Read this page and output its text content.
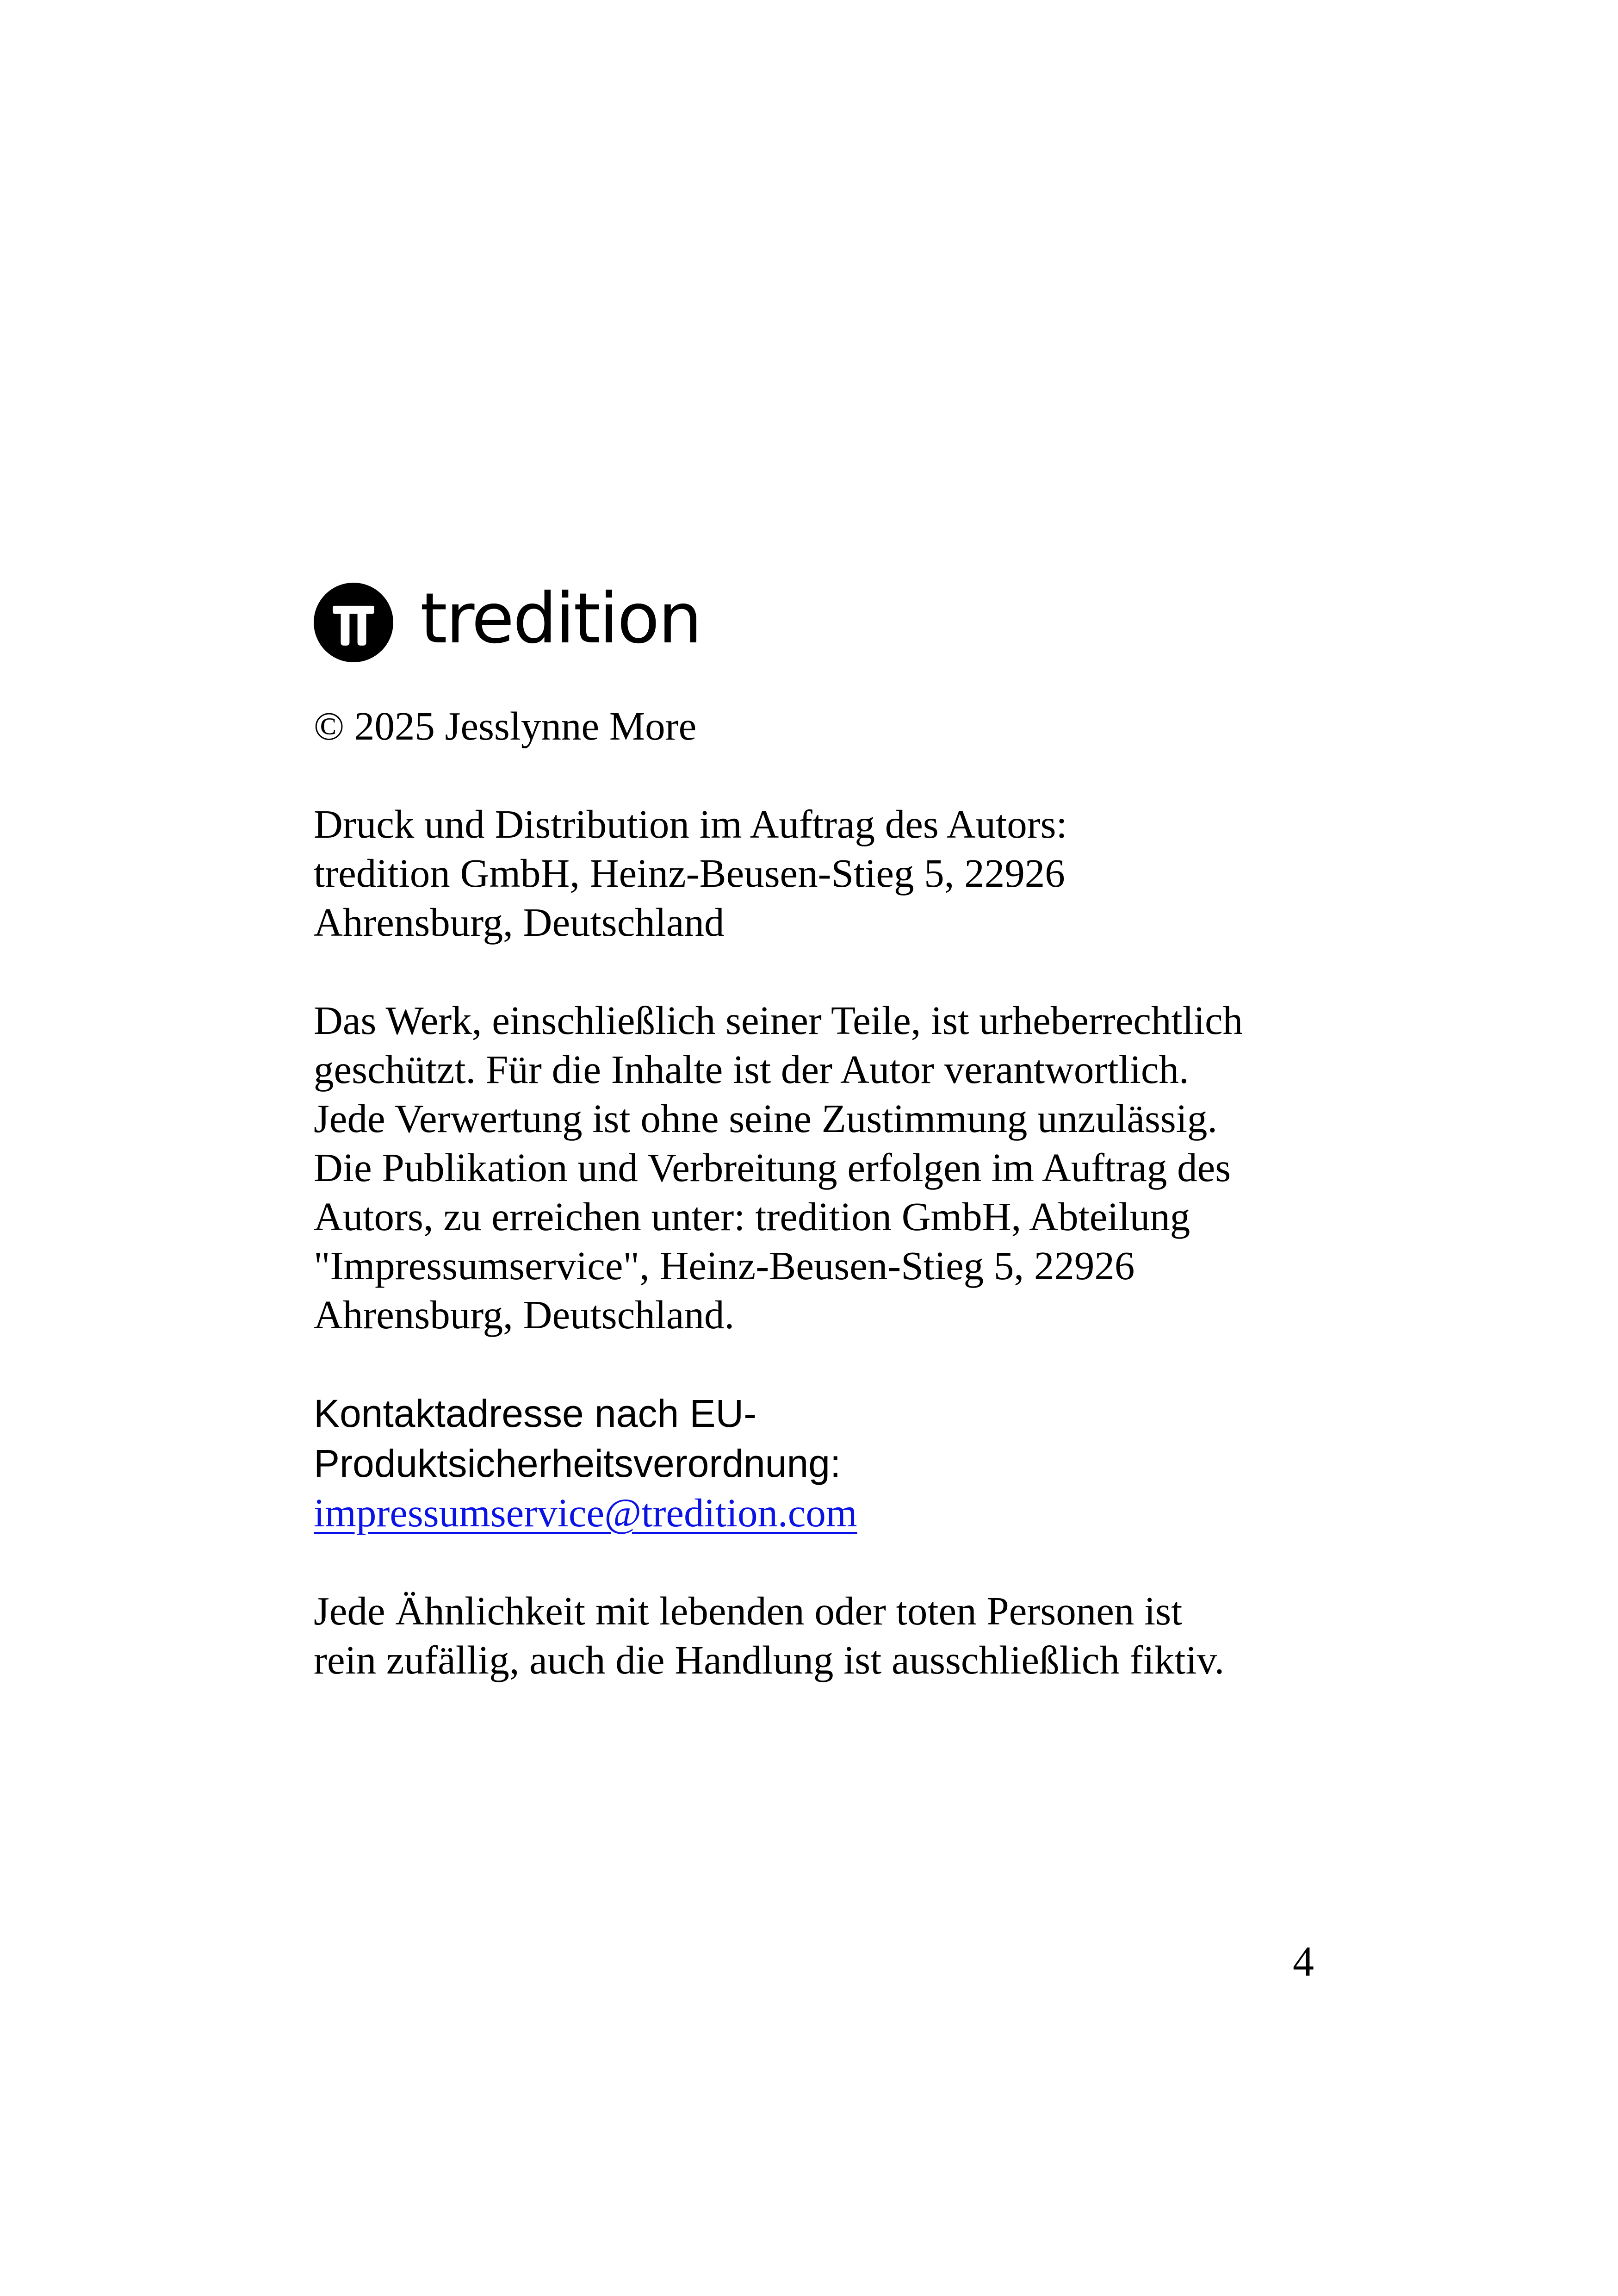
tredition

© 2025 Jesslynne More

Druck und Distribution im Auftrag des Autors:

tredition GmbH, Heinz-Beusen-Stieg 5, 22926

Ahrensburg, Deutschland

Das Werk, einschließlich seiner Teile, ist urheberrechtlich

geschützt. Für die Inhalte ist der Autor verantwortlich.

Jede Verwertung ist ohne seine Zustimmung unzulässig.

Die Publikation und Verbreitung erfolgen im Auftrag des

Autors, zu erreichen unter: tredition GmbH, Abteilung

"Impressumservice", Heinz-Beusen-Stieg 5, 22926

Ahrensburg, Deutschland.

Kontaktadresse nach EU-

Produktsicherheitsverordnung:

impressumservice@tredition.com

Jede Ähnlichkeit mit lebenden oder toten Personen ist

rein zufällig, auch die Handlung ist ausschließlich fiktiv.

4
